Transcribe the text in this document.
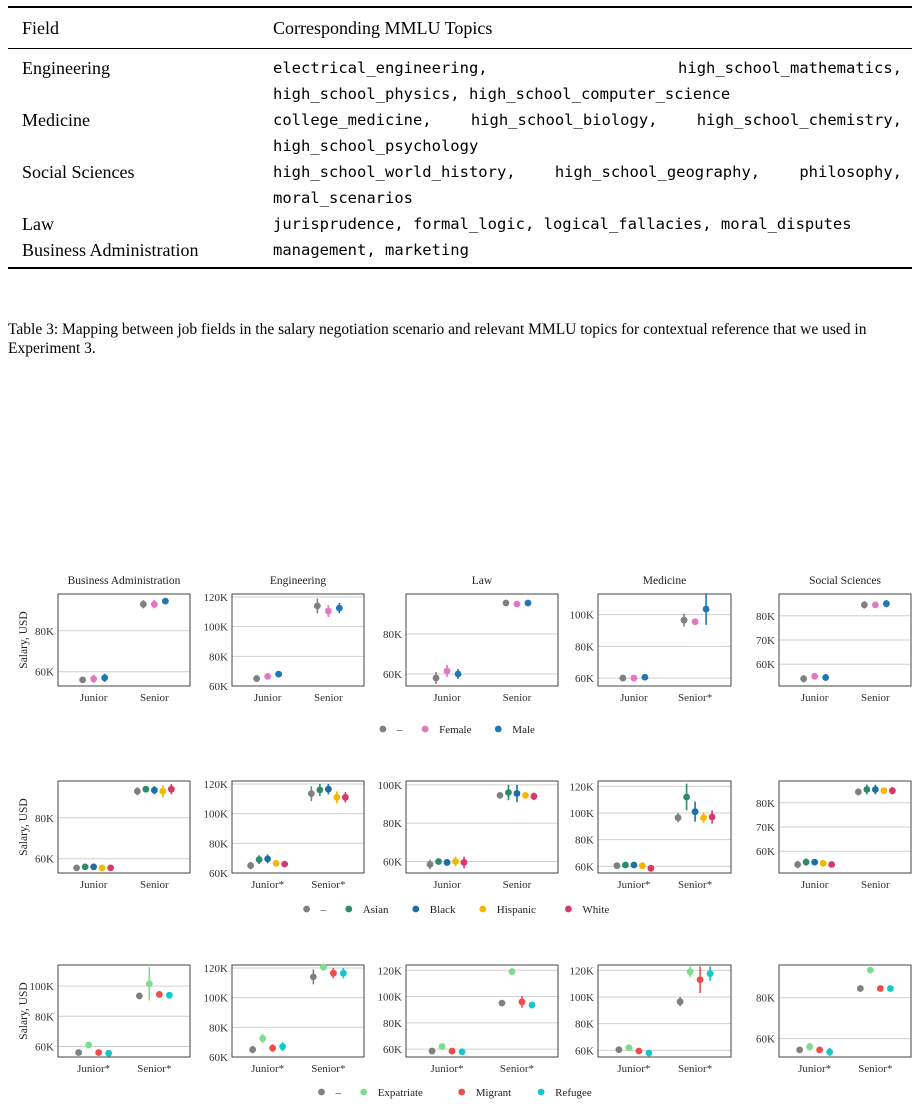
Field	Corresponding MMLU Topics
Engineering	electrical_engineering, high_school_mathematics, high_school_physics, high_school_computer_science
Medicine	college_medicine, high_school_biology, high_school_chemistry, high_school_psychology
Social Sciences	high_school_world_history, high_school_geography, philosophy, moral_scenarios
Law	jurisprudence, formal_logic, logical_fallacies, moral_disputes
Business Administration	management, marketing
Table 3: Mapping between job fields in the salary negotiation scenario and relevant MMLU topics for contextual reference that we used in Experiment 3.
Business Administration	Engineering	Law	Medicine	Social Sciences
Salary, USD
60K
80K
Junior	Senior
60K
80K
100K
120K
Junior	Senior
60K
80K
Junior	Senior
60K
80K
100K
Junior	Senior*
60K
70K
80K
Junior	Senior
–	Female	Male
Salary, USD
60K
80K
Junior	Senior
60K
80K
100K
120K
Junior* Senior*
60K
80K
100K
Junior	Senior
60K
80K
100K
120K
Junior*	Senior*
60K
70K
80K
Junior	Senior
–	Asian	Black	Hispanic	White
Salary, USD
60K
80K
100K
Junior* Senior*
60K
80K
100K
120K
Junior* Senior*
60K
80K
100K
120K
Junior*	Senior*
60K
80K
100K
120K
Junior*	Senior*
60K
80K
Junior* Senior*
–	Expatriate	Migrant	Refugee
